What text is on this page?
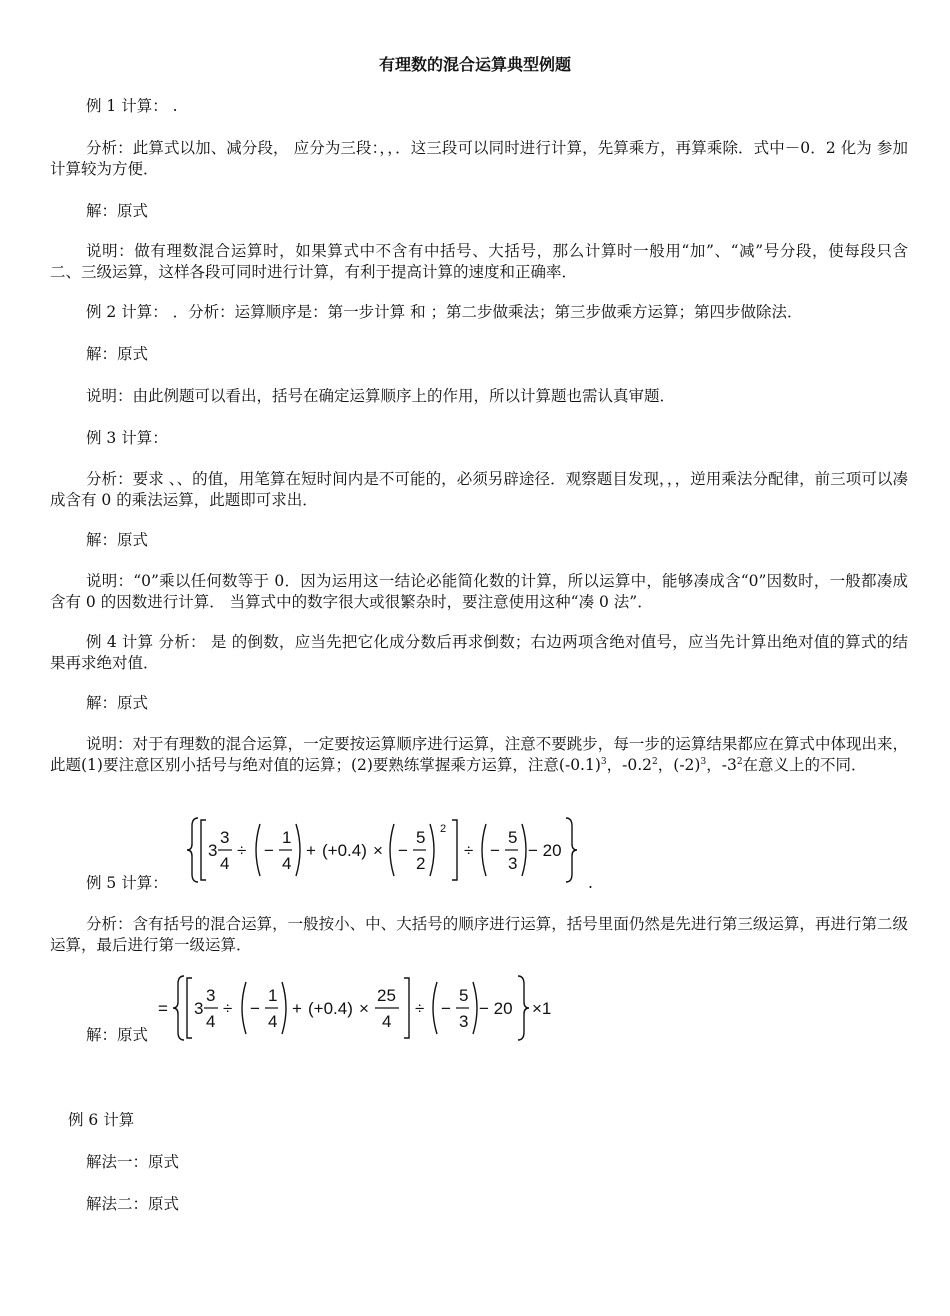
有理数的混合运算典型例题
例 1 计算： .

分析：此算式以加、减分段， 应分为三段：，，．这三段可以同时进行计算，先算乘方，再算乘除．式中－0．2 化为 参加计算较为方便．

解：原式

说明：做有理数混合运算时，如果算式中不含有中括号、大括号，那么计算时一般用“加”、“减”号分段，使每段只含二、三级运算，这样各段可同时进行计算，有利于提高计算的速度和正确率．

例 2 计算： ．分析：运算顺序是：第一步计算 和 ；第二步做乘法；第三步做乘方运算；第四步做除法．
解：原式
说明：由此例题可以看出，括号在确定运算顺序上的作用，所以计算题也需认真审题．
例 3 计算：

分析：要求 、、的值，用笔算在短时间内是不可能的，必须另辟途径．观察题目发现，，，逆用乘法分配律，前三项可以凑成含有 0 的乘法运算，此题即可求出．

解：原式

说明：“0”乘以任何数等于 0．因为运用这一结论必能简化数的计算，所以运算中，能够凑成含“0”因数时，一般都凑成含有 0 的因数进行计算． 当算式中的数字很大或很繁杂时，要注意使用这种“凑 0 法”．

例 4 计算 分析： 是 的倒数，应当先把它化成分数后再求倒数；右边两项含绝对值号，应当先计算出绝对值的算式的结果再求绝对值．

解：原式

说明：对于有理数的混合运算，一定要按运算顺序进行运算，注意不要跳步，每一步的运算结果都应在算式中体现出来，此题(1)要注意区别小括号与绝对值的运算；(2)要熟练掌握乘方运算，注意$(-0.1)^3$，$-0.2^2$，$(-2)^3$，$-3^2$在意义上的不同．

例 5 计算：
3
3
4
÷ −
1
4
+ (+0.4) × −
5
2
2
÷ −
5
3
− 20
.

分析：含有括号的混合运算，一般按小、中、大括号的顺序进行运算，括号里面仍然是先进行第三级运算，再进行第二级运算，最后进行第一级运算．

解：原式
= 3
3
4
÷ −
1
4
+ (+0.4) ×
25
4
÷ −
5
3
− 20 ×1
例 6 计算
解法一：原式
解法二：原式
